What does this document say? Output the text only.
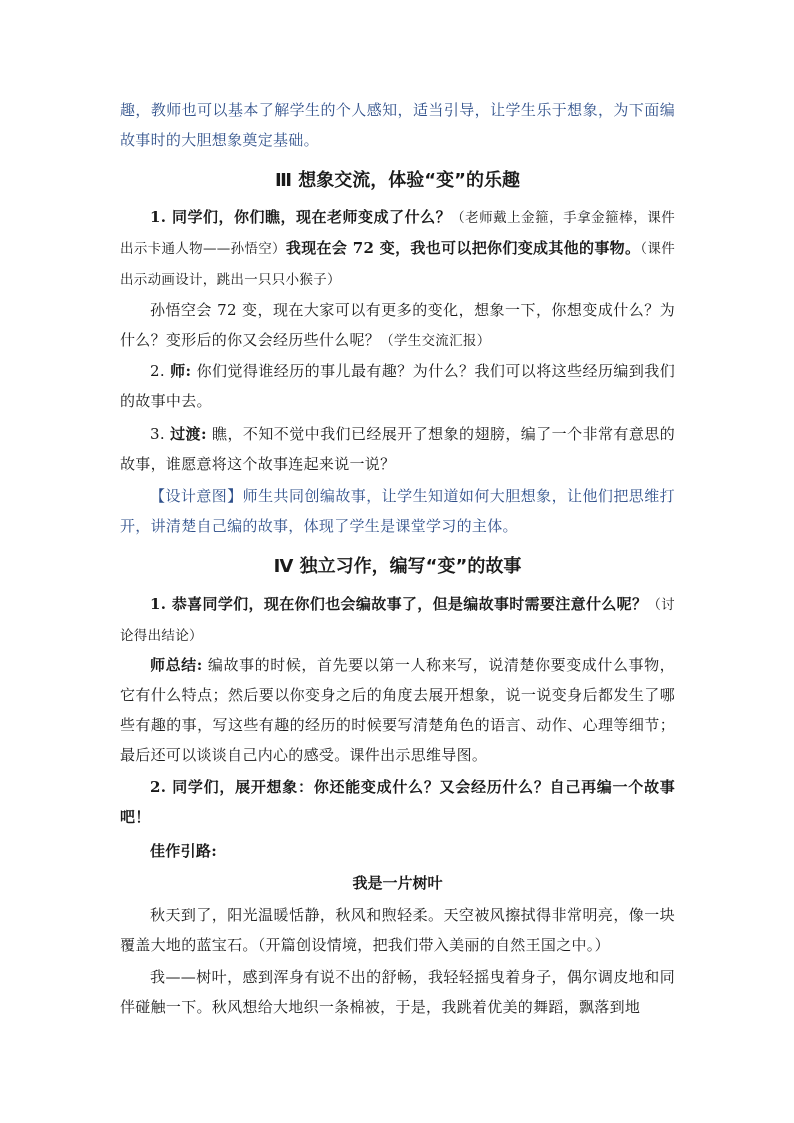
趣，教师也可以基本了解学生的个人感知，适当引导，让学生乐于想象，为下面编故事时的大胆想象奠定基础。
Ⅲ 想象交流，体验“变”的乐趣
1. 同学们，你们瞧，现在老师变成了什么？（老师戴上金箍，手拿金箍棒，课件出示卡通人物——孙悟空）我现在会 72 变，我也可以把你们变成其他的事物。（课件出示动画设计，跳出一只只小猴子）
孙悟空会 72 变，现在大家可以有更多的变化，想象一下，你想变成什么？为什么？变形后的你又会经历些什么呢？（学生交流汇报）
2. 师: 你们觉得谁经历的事儿最有趣？为什么？我们可以将这些经历编到我们的故事中去。
3. 过渡: 瞧，不知不觉中我们已经展开了想象的翅膀，编了一个非常有意思的故事，谁愿意将这个故事连起来说一说？
【设计意图】师生共同创编故事，让学生知道如何大胆想象，让他们把思维打开，讲清楚自己编的故事，体现了学生是课堂学习的主体。
Ⅳ 独立习作，编写“变”的故事
1. 恭喜同学们，现在你们也会编故事了，但是编故事时需要注意什么呢？（讨论得出结论）
师总结: 编故事的时候，首先要以第一人称来写，说清楚你要变成什么事物，它有什么特点；然后要以你变身之后的角度去展开想象，说一说变身后都发生了哪些有趣的事，写这些有趣的经历的时候要写清楚角色的语言、动作、心理等细节；最后还可以谈谈自己内心的感受。课件出示思维导图。
2. 同学们，展开想象：你还能变成什么？又会经历什么？自己再编一个故事吧！
佳作引路:
我是一片树叶
秋天到了，阳光温暖恬静，秋风和煦轻柔。天空被风擦拭得非常明亮，像一块覆盖大地的蓝宝石。（开篇创设情境，把我们带入美丽的自然王国之中。）
我——树叶，感到浑身有说不出的舒畅，我轻轻摇曳着身子，偶尔调皮地和同伴碰触一下。秋风想给大地织一条棉被，于是，我跳着优美的舞蹈，飘落到地
